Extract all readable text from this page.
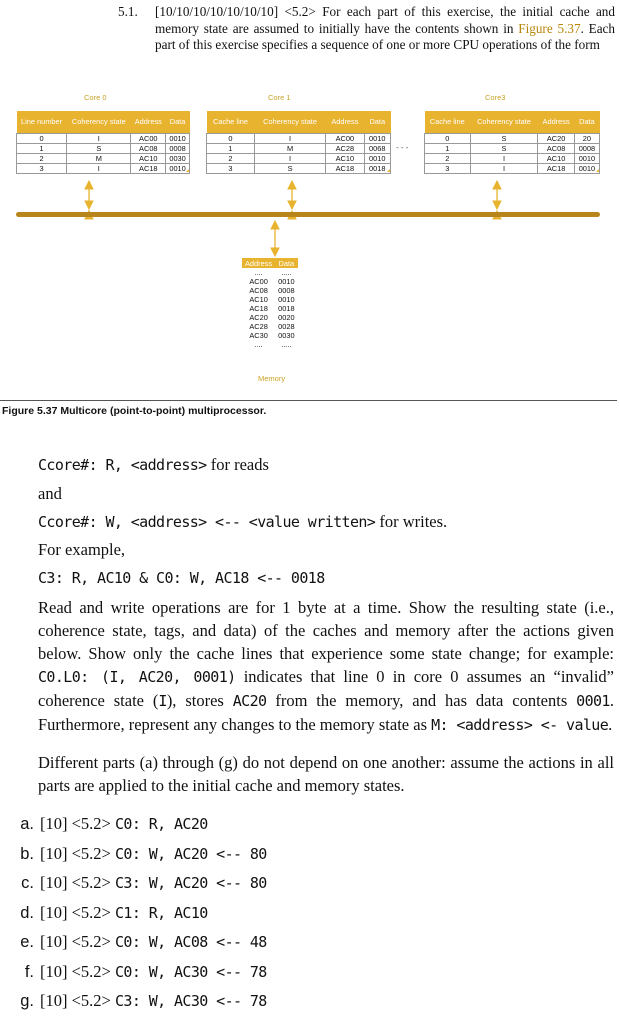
5.1. [10/10/10/10/10/10/10] <5.2> For each part of this exercise, the initial cache and memory state are assumed to initially have the contents shown in Figure 5.37. Each part of this exercise specifies a sequence of one or more CPU operations of the form
Core 0	Core 1	Core3
Line number	Coherency state	Address	Data
0	I	AC00	0010
1	S	AC08	0008
2	M	AC10	0030
3	I	AC18	0010
Cache line	Coherency state	Address	Data
0	I	AC00	0010
1	M	AC28	0068
2	I	AC10	0010
3	S	AC18	0018
Cache line	Coherency state	Address	Data
0	S	AC20	20
1	S	AC08	0008
2	I	AC10	0010
3	I	AC18	0010
- - -
Address	Data
....	.....
AC00	0010
AC08	0008
AC10	0010
AC18	0018
AC20	0020
AC28	0028
AC30	0030
....	.....
Memory
Figure 5.37 Multicore (point-to-point) multiprocessor.
Ccore#: R, <address> for reads
and
Ccore#: W, <address> <-- <value written> for writes.
For example,
C3: R, AC10 & C0: W, AC18 <-- 0018
Read and write operations are for 1 byte at a time. Show the resulting state (i.e., coherence state, tags, and data) of the caches and memory after the actions given below. Show only the cache lines that experience some state change; for example: C0.L0: (I, AC20, 0001) indicates that line 0 in core 0 assumes an “invalid” coherence state (I), stores AC20 from the memory, and has data contents 0001. Furthermore, represent any changes to the memory state as M: <address> <- value.
Different parts (a) through (g) do not depend on one another: assume the actions in all parts are applied to the initial cache and memory states.
a. [10] <5.2> C0: R, AC20
b. [10] <5.2> C0: W, AC20 <-- 80
c. [10] <5.2> C3: W, AC20 <-- 80
d. [10] <5.2> C1: R, AC10
e. [10] <5.2> C0: W, AC08 <-- 48
f. [10] <5.2> C0: W, AC30 <-- 78
g. [10] <5.2> C3: W, AC30 <-- 78
